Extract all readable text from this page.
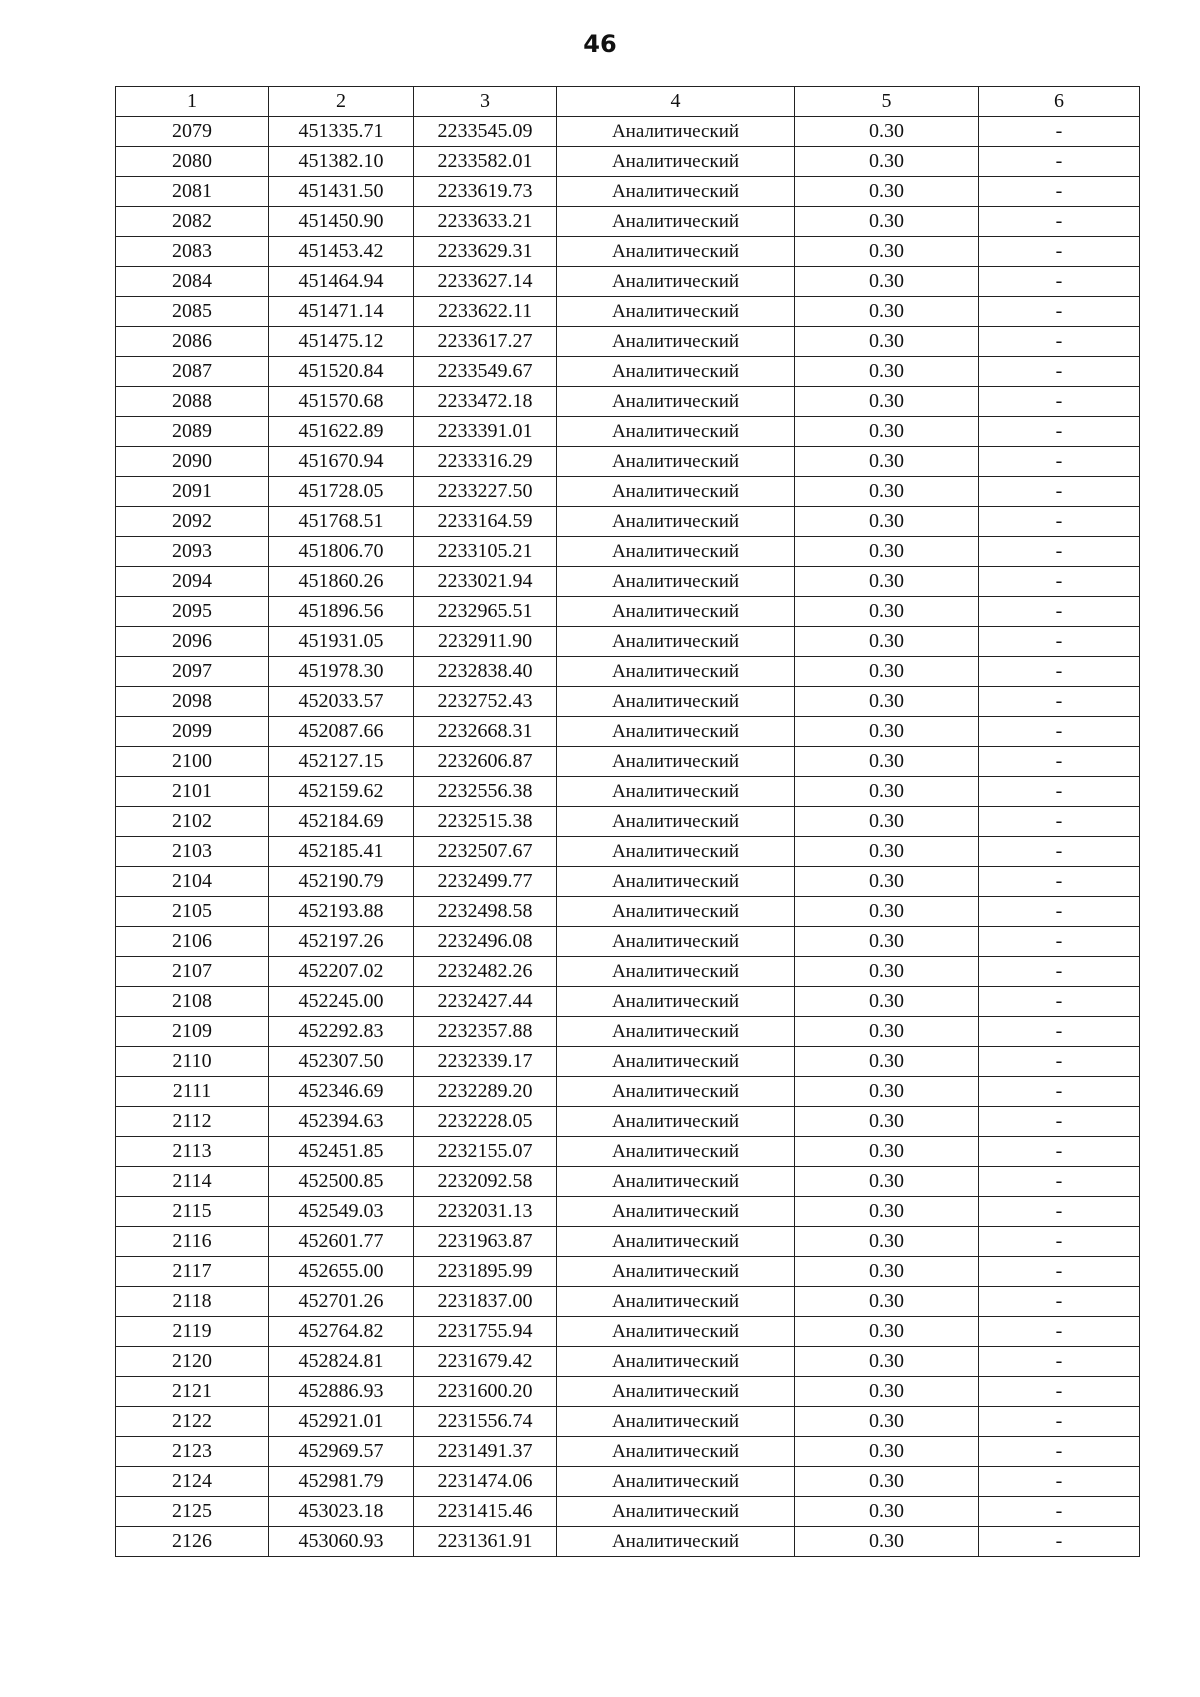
46
1	2	3	4	5	6
2079	451335.71	2233545.09	Аналитический	0.30	-
2080	451382.10	2233582.01	Аналитический	0.30	-
2081	451431.50	2233619.73	Аналитический	0.30	-
2082	451450.90	2233633.21	Аналитический	0.30	-
2083	451453.42	2233629.31	Аналитический	0.30	-
2084	451464.94	2233627.14	Аналитический	0.30	-
2085	451471.14	2233622.11	Аналитический	0.30	-
2086	451475.12	2233617.27	Аналитический	0.30	-
2087	451520.84	2233549.67	Аналитический	0.30	-
2088	451570.68	2233472.18	Аналитический	0.30	-
2089	451622.89	2233391.01	Аналитический	0.30	-
2090	451670.94	2233316.29	Аналитический	0.30	-
2091	451728.05	2233227.50	Аналитический	0.30	-
2092	451768.51	2233164.59	Аналитический	0.30	-
2093	451806.70	2233105.21	Аналитический	0.30	-
2094	451860.26	2233021.94	Аналитический	0.30	-
2095	451896.56	2232965.51	Аналитический	0.30	-
2096	451931.05	2232911.90	Аналитический	0.30	-
2097	451978.30	2232838.40	Аналитический	0.30	-
2098	452033.57	2232752.43	Аналитический	0.30	-
2099	452087.66	2232668.31	Аналитический	0.30	-
2100	452127.15	2232606.87	Аналитический	0.30	-
2101	452159.62	2232556.38	Аналитический	0.30	-
2102	452184.69	2232515.38	Аналитический	0.30	-
2103	452185.41	2232507.67	Аналитический	0.30	-
2104	452190.79	2232499.77	Аналитический	0.30	-
2105	452193.88	2232498.58	Аналитический	0.30	-
2106	452197.26	2232496.08	Аналитический	0.30	-
2107	452207.02	2232482.26	Аналитический	0.30	-
2108	452245.00	2232427.44	Аналитический	0.30	-
2109	452292.83	2232357.88	Аналитический	0.30	-
2110	452307.50	2232339.17	Аналитический	0.30	-
2111	452346.69	2232289.20	Аналитический	0.30	-
2112	452394.63	2232228.05	Аналитический	0.30	-
2113	452451.85	2232155.07	Аналитический	0.30	-
2114	452500.85	2232092.58	Аналитический	0.30	-
2115	452549.03	2232031.13	Аналитический	0.30	-
2116	452601.77	2231963.87	Аналитический	0.30	-
2117	452655.00	2231895.99	Аналитический	0.30	-
2118	452701.26	2231837.00	Аналитический	0.30	-
2119	452764.82	2231755.94	Аналитический	0.30	-
2120	452824.81	2231679.42	Аналитический	0.30	-
2121	452886.93	2231600.20	Аналитический	0.30	-
2122	452921.01	2231556.74	Аналитический	0.30	-
2123	452969.57	2231491.37	Аналитический	0.30	-
2124	452981.79	2231474.06	Аналитический	0.30	-
2125	453023.18	2231415.46	Аналитический	0.30	-
2126	453060.93	2231361.91	Аналитический	0.30	-
